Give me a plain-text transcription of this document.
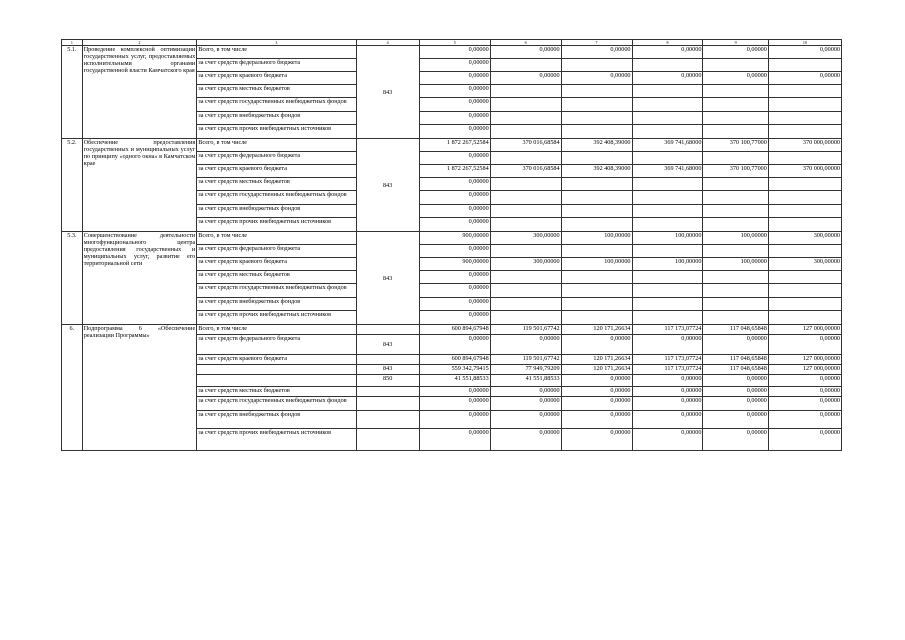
1	2	3	4	5	6	7	8	9	10
5.1.	Проведение комплексной оптимизации государственных услуг, предоставляемых исполнительными органами государственной власти Камчатского края	Всего, в том числе	843	0,00000	0,00000	0,00000	0,00000	0,00000	0,00000
		за счет средств федерального бюджета		0,00000					
		за счет средств краевого бюджета		0,00000	0,00000	0,00000	0,00000	0,00000	0,00000
		за счет средств местных бюджетов		0,00000					
		за счет средств государственных внебюджетных фондов		0,00000					
		за счет средств внебюджетных фондов		0,00000					
		за счет средств прочих внебюджетных источников		0,00000					
5.2.	Обеспечение предоставления государственных и муниципальных услуг по принципу «одного окна» в Камчатском крае	Всего, в том числе	843	1 872 267,52584	370 016,68584	392 408,39000	369 741,68000	370 100,77000	370 000,00000
		за счет средств федерального бюджета		0,00000					
		за счет средств краевого бюджета		1 872 267,52584	370 016,68584	392 408,39000	369 741,68000	370 100,77000	370 000,00000
		за счет средств местных бюджетов		0,00000					
		за счет средств государственных внебюджетных фондов		0,00000					
		за счет средств внебюджетных фондов		0,00000					
		за счет средств прочих внебюджетных источников		0,00000					
5.3.	Совершенствование деятельности многофункционального центра предоставления государственных и муниципальных услуг, развитие его территориальной сети	Всего, в том числе	843	900,00000	300,00000	100,00000	100,00000	100,00000	300,00000
		за счет средств федерального бюджета		0,00000					
		за счет средств краевого бюджета		900,00000	300,00000	100,00000	100,00000	100,00000	300,00000
		за счет средств местных бюджетов		0,00000					
		за счет средств государственных внебюджетных фондов		0,00000					
		за счет средств внебюджетных фондов		0,00000					
		за счет средств прочих внебюджетных источников		0,00000					
6.	Подпрограмма 6 «Обеспечение реализации Программы»	Всего, в том числе		600 894,67948	119 501,67742	120 171,26634	117 173,07724	117 048,65848	127 000,00000
		за счет средств федерального бюджета	843	0,00000	0,00000	0,00000	0,00000	0,00000	0,00000
		за счет средств краевого бюджета		600 894,67948	119 501,67742	120 171,26634	117 173,07724	117 048,65848	127 000,00000
			843	559 342,79415	77 949,79209	120 171,26634	117 173,07724	117 048,65848	127 000,00000
			850	41 551,88533	41 551,88533	0,00000	0,00000	0,00000	0,00000
		за счет средств местных бюджетов		0,00000	0,00000	0,00000	0,00000	0,00000	0,00000
		за счет средств государственных внебюджетных фондов		0,00000	0,00000	0,00000	0,00000	0,00000	0,00000
		за счет средств внебюджетных фондов		0,00000	0,00000	0,00000	0,00000	0,00000	0,00000
		за счет средств прочих внебюджетных источников		0,00000	0,00000	0,00000	0,00000	0,00000	0,00000
